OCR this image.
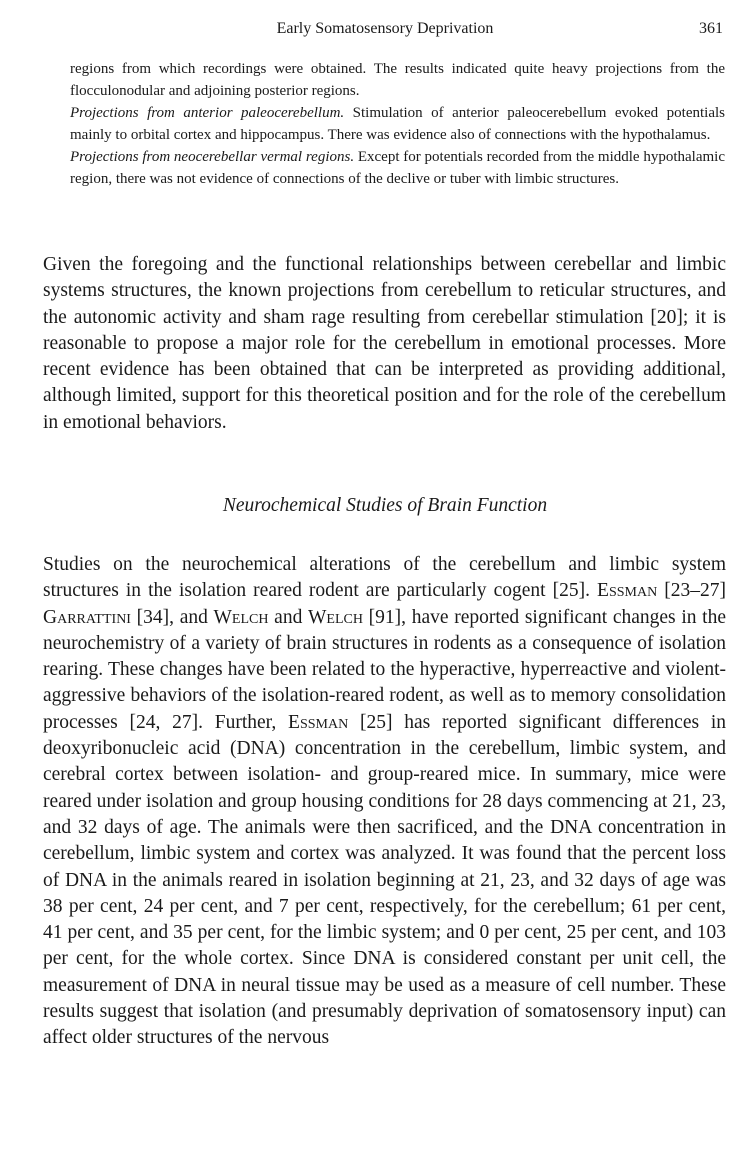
Early Somatosensory Deprivation	361

regions from which recordings were obtained. The results indicated quite heavy projections from the flocculonodular and adjoining posterior regions.

Projections from anterior paleocerebellum. Stimulation of anterior paleocerebellum evoked potentials mainly to orbital cortex and hippocampus. There was evidence also of connections with the hypothalamus.

Projections from neocerebellar vermal regions. Except for potentials recorded from the middle hypothalamic region, there was not evidence of connections of the declive or tuber with limbic structures.

Given the foregoing and the functional relationships between cerebellar and limbic systems structures, the known projections from cerebellum to reticular structures, and the autonomic activity and sham rage resulting from cerebellar stimulation [20]; it is reasonable to propose a major role for the cerebellum in emotional processes. More recent evidence has been obtained that can be interpreted as providing additional, although limited, support for this theoretical position and for the role of the cerebellum in emotional behaviors.

Neurochemical Studies of Brain Function

Studies on the neurochemical alterations of the cerebellum and limbic system structures in the isolation reared rodent are particularly cogent [25]. Essman [23–27] Garrattini [34], and Welch and Welch [91], have reported significant changes in the neurochemistry of a variety of brain structures in rodents as a consequence of isolation rearing. These changes have been related to the hyperactive, hyperreactive and violent-aggressive behaviors of the isolation-reared rodent, as well as to memory consolidation processes [24, 27]. Further, Essman [25] has reported significant differences in deoxyribonucleic acid (DNA) concentration in the cerebellum, limbic system, and cerebral cortex between isolation- and group-reared mice. In summary, mice were reared under isolation and group housing conditions for 28 days commencing at 21, 23, and 32 days of age. The animals were then sacrificed, and the DNA concentration in cerebellum, limbic system and cortex was analyzed. It was found that the percent loss of DNA in the animals reared in isolation beginning at 21, 23, and 32 days of age was 38 per cent, 24 per cent, and 7 per cent, respectively, for the cerebellum; 61 per cent, 41 per cent, and 35 per cent, for the limbic system; and 0 per cent, 25 per cent, and 103 per cent, for the whole cortex. Since DNA is considered constant per unit cell, the measurement of DNA in neural tissue may be used as a measure of cell number. These results suggest that isolation (and presumably deprivation of somatosensory input) can affect older structures of the nervous
